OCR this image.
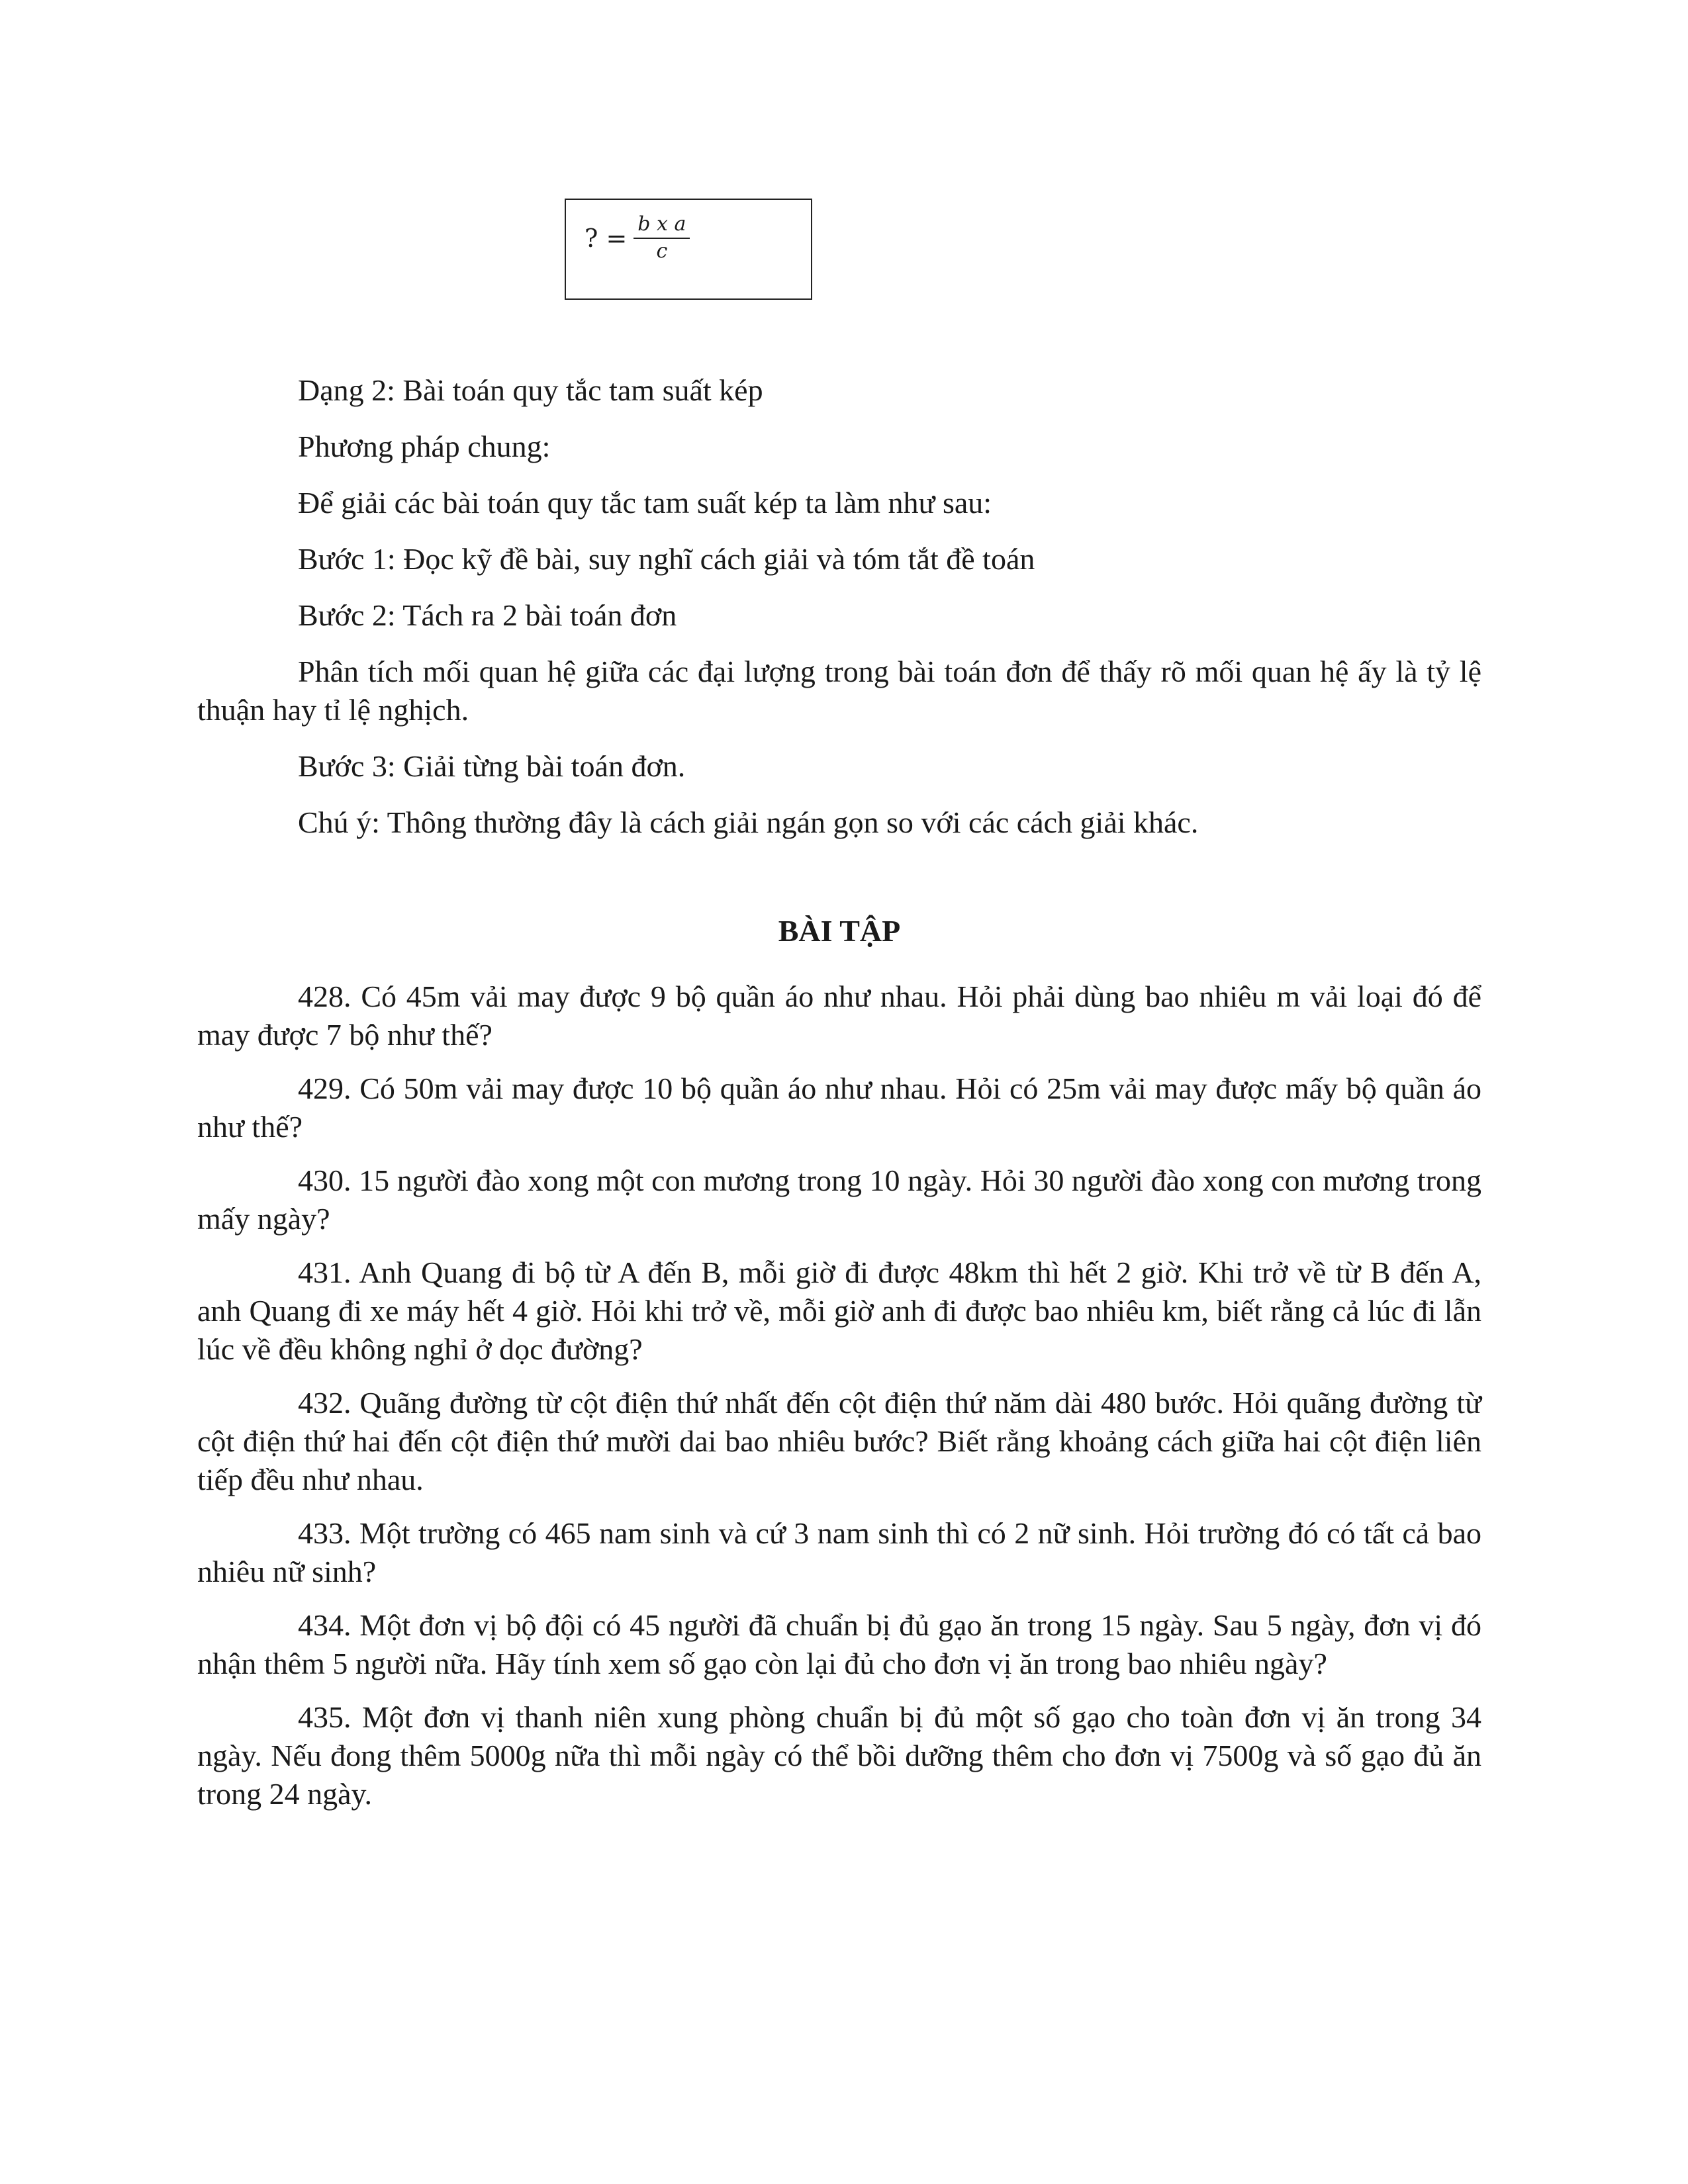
? = $\frac{\text{b x a}}{c}$

Dạng 2: Bài toán quy tắc tam suất kép

Phương pháp chung:

Để giải các bài toán quy tắc tam suất kép ta làm như sau:

Bước 1: Đọc kỹ đề bài, suy nghĩ cách giải và tóm tắt đề toán

Bước 2: Tách ra 2 bài toán đơn

Phân tích mối quan hệ giữa các đại lượng trong bài toán đơn để thấy rõ mối quan hệ ấy là tỷ lệ thuận hay tỉ lệ nghịch.

Bước 3: Giải từng bài toán đơn.

Chú ý: Thông thường đây là cách giải ngán gọn so với các cách giải khác.

BÀI TẬP

428. Có 45m vải may được 9 bộ quần áo như nhau. Hỏi phải dùng bao nhiêu m vải loại đó để may được 7 bộ như thế?

429. Có 50m vải may được 10 bộ quần áo như nhau. Hỏi có 25m vải may được mấy bộ quần áo như thế?

430. 15 người đào xong một con mương trong 10 ngày. Hỏi 30 người đào xong con mương trong mấy ngày?

431. Anh Quang đi bộ từ A đến B, mỗi giờ đi được 48km thì hết 2 giờ. Khi trở về từ B đến A, anh Quang đi xe máy hết 4 giờ. Hỏi khi trở về, mỗi giờ anh đi được bao nhiêu km, biết rằng cả lúc đi lẫn lúc về đều không nghỉ ở dọc đường?

432. Quãng đường từ cột điện thứ nhất đến cột điện thứ năm dài 480 bước. Hỏi quãng đường từ cột điện thứ hai đến cột điện thứ mười dai bao nhiêu bước? Biết rằng khoảng cách giữa hai cột điện liên tiếp đều như nhau.

433. Một trường có 465 nam sinh và cứ 3 nam sinh thì có 2 nữ sinh. Hỏi trường đó có tất cả bao nhiêu nữ sinh?

434. Một đơn vị bộ đội có 45 người đã chuẩn bị đủ gạo ăn trong 15 ngày. Sau 5 ngày, đơn vị đó nhận thêm 5 người nữa. Hãy tính xem số gạo còn lại đủ cho đơn vị ăn trong bao nhiêu ngày?

435. Một đơn vị thanh niên xung phòng chuẩn bị đủ một số gạo cho toàn đơn vị ăn trong 34 ngày. Nếu đong thêm 5000g nữa thì mỗi ngày có thể bồi dưỡng thêm cho đơn vị 7500g và số gạo đủ ăn trong 24 ngày.
